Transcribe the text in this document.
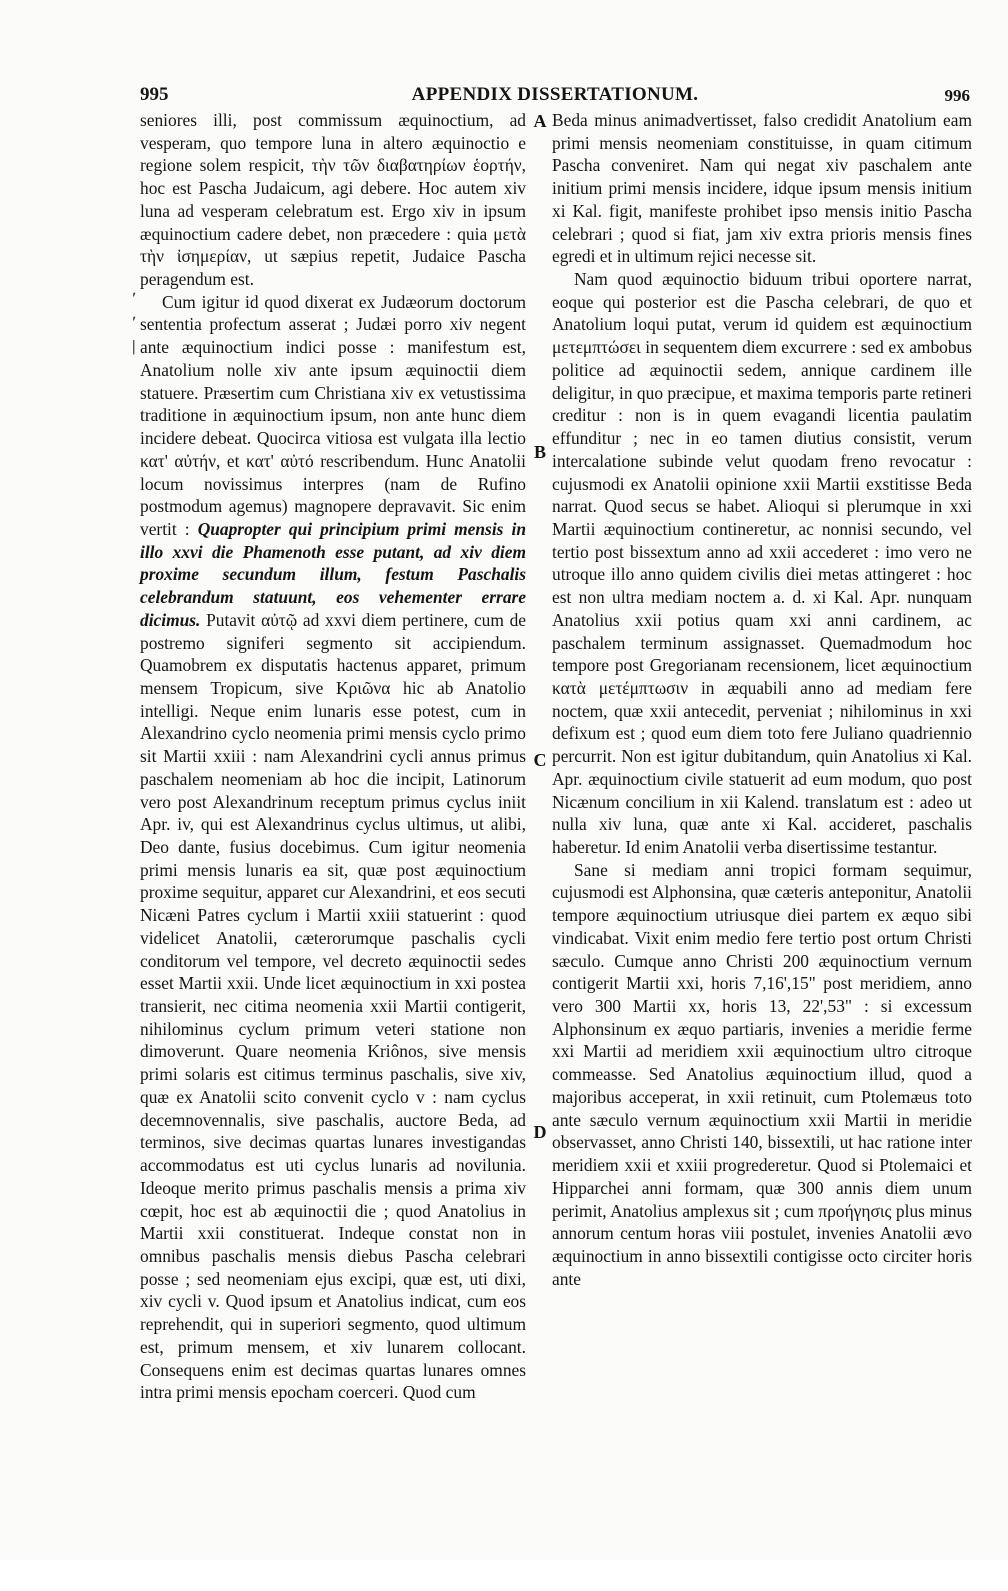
995	APPENDIX DISSERTATIONUM.	996

seniores illi, post commissum æquinoctium, ad vesperam, quo tempore luna in altero æquinoctio e regione solem respicit, τὴν τῶν διαβατηρίων ἑορτήν, hoc est Pascha Judaicum, agi debere. Hoc autem xiv luna ad vesperam celebratum est. Ergo xiv in ipsum æquinoctium cadere debet, non præcedere : quia μετὰ τὴν ἰσημερίαν, ut sæpius repetit, Judaice Pascha peragendum est.

Cum igitur id quod dixerat ex Judæorum doctorum sententia profectum asserat ; Judæi porro xiv negent ante æquinoctium indici posse : manifestum est, Anatolium nolle xiv ante ipsum æquinoctii diem statuere. Præsertim cum Christiana xiv ex vetustissima traditione in æquinoctium ipsum, non ante hunc diem incidere debeat. Quocirca vitiosa est vulgata illa lectio κατ' αὐτήν, et κατ' αὐτό rescribendum. Hunc Anatolii locum novissimus interpres (nam de Rufino postmodum agemus) magnopere depravavit. Sic enim vertit : Quapropter qui principium primi mensis in illo xxvi die Phamenoth esse putant, ad xiv diem proxime secundum illum, festum Paschalis celebrandum statuunt, eos vehementer errare dicimus. Putavit αὐτῷ ad xxvi diem pertinere, cum de postremo signiferi segmento sit accipiendum. Quamobrem ex disputatis hactenus apparet, primum mensem Tropicum, sive Κριῶνα hic ab Anatolio intelligi. Neque enim lunaris esse potest, cum in Alexandrino cyclo neomenia primi mensis cyclo primo sit Martii xxiii : nam Alexandrini cycli annus primus paschalem neomeniam ab hoc die incipit, Latinorum vero post Alexandrinum receptum primus cyclus iniit Apr. iv, qui est Alexandrinus cyclus ultimus, ut alibi, Deo dante, fusius docebimus. Cum igitur neomenia primi mensis lunaris ea sit, quæ post æquinoctium proxime sequitur, apparet cur Alexandrini, et eos secuti Nicæni Patres cyclum i Martii xxiii statuerint : quod videlicet Anatolii, cæterorumque paschalis cycli conditorum vel tempore, vel decreto æquinoctii sedes esset Martii xxii. Unde licet æquinoctium in xxi postea transierit, nec citima neomenia xxii Martii contigerit, nihilominus cyclum primum veteri statione non dimoverunt. Quare neomenia Kriônos, sive mensis primi solaris est citimus terminus paschalis, sive xiv, quæ ex Anatolii scito convenit cyclo v : nam cyclus decemnovennalis, sive paschalis, auctore Beda, ad terminos, sive decimas quartas lunares investigandas accommodatus est uti cyclus lunaris ad novilunia. Ideoque merito primus paschalis mensis a prima xiv cœpit, hoc est ab æquinoctii die ; quod Anatolius in Martii xxii constituerat. Indeque constat non in omnibus paschalis mensis diebus Pascha celebrari posse ; sed neomeniam ejus excipi, quæ est, uti dixi, xiv cycli v. Quod ipsum et Anatolius indicat, cum eos reprehendit, qui in superiori segmento, quod ultimum est, primum mensem, et xiv lunarem collocant. Consequens enim est decimas quartas lunares omnes intra primi mensis epocham coerceri. Quod cum

A
B
C
D
ʹ
ʹ
|

Beda minus animadvertisset, falso credidit Anatolium eam primi mensis neomeniam constituisse, in quam citimum Pascha conveniret. Nam qui negat xiv paschalem ante initium primi mensis incidere, idque ipsum mensis initium xi Kal. figit, manifeste prohibet ipso mensis initio Pascha celebrari ; quod si fiat, jam xiv extra prioris mensis fines egredi et in ultimum rejici necesse sit.

Nam quod æquinoctio biduum tribui oportere narrat, eoque qui posterior est die Pascha celebrari, de quo et Anatolium loqui putat, verum id quidem est æquinoctium μετεμπτώσει in sequentem diem excurrere : sed ex ambobus politice ad æquinoctii sedem, annique cardinem ille deligitur, in quo præcipue, et maxima temporis parte retineri creditur : non is in quem evagandi licentia paulatim effunditur ; nec in eo tamen diutius consistit, verum intercalatione subinde velut quodam freno revocatur : cujusmodi ex Anatolii opinione xxii Martii exstitisse Beda narrat. Quod secus se habet. Alioqui si plerumque in xxi Martii æquinoctium contineretur, ac nonnisi secundo, vel tertio post bissextum anno ad xxii accederet : imo vero ne utroque illo anno quidem civilis diei metas attingeret : hoc est non ultra mediam noctem a. d. xi Kal. Apr. nunquam Anatolius xxii potius quam xxi anni cardinem, ac paschalem terminum assignasset. Quemadmodum hoc tempore post Gregorianam recensionem, licet æquinoctium κατὰ μετέμπτωσιν in æquabili anno ad mediam fere noctem, quæ xxii antecedit, perveniat ; nihilominus in xxi defixum est ; quod eum diem toto fere Juliano quadriennio percurrit. Non est igitur dubitandum, quin Anatolius xi Kal. Apr. æquinoctium civile statuerit ad eum modum, quo post Nicænum concilium in xii Kalend. translatum est : adeo ut nulla xiv luna, quæ ante xi Kal. accideret, paschalis haberetur. Id enim Anatolii verba disertissime testantur.

Sane si mediam anni tropici formam sequimur, cujusmodi est Alphonsina, quæ cæteris anteponitur, Anatolii tempore æquinoctium utriusque diei partem ex æquo sibi vindicabat. Vixit enim medio fere tertio post ortum Christi sæculo. Cumque anno Christi 200 æquinoctium vernum contigerit Martii xxi, horis 7,16',15" post meridiem, anno vero 300 Martii xx, horis 13, 22',53" : si excessum Alphonsinum ex æquo partiaris, invenies a meridie ferme xxi Martii ad meridiem xxii æquinoctium ultro citroque commeasse. Sed Anatolius æquinoctium illud, quod a majoribus acceperat, in xxii retinuit, cum Ptolemæus toto ante sæculo vernum æquinoctium xxii Martii in meridie observasset, anno Christi 140, bissextili, ut hac ratione inter meridiem xxii et xxiii progrederetur. Quod si Ptolemaici et Hipparchei anni formam, quæ 300 annis diem unum perimit, Anatolius amplexus sit ; cum προήγησις plus minus annorum centum horas viii postulet, invenies Anatolii ævo æquinoctium in anno bissextili contigisse octo circiter horis ante
